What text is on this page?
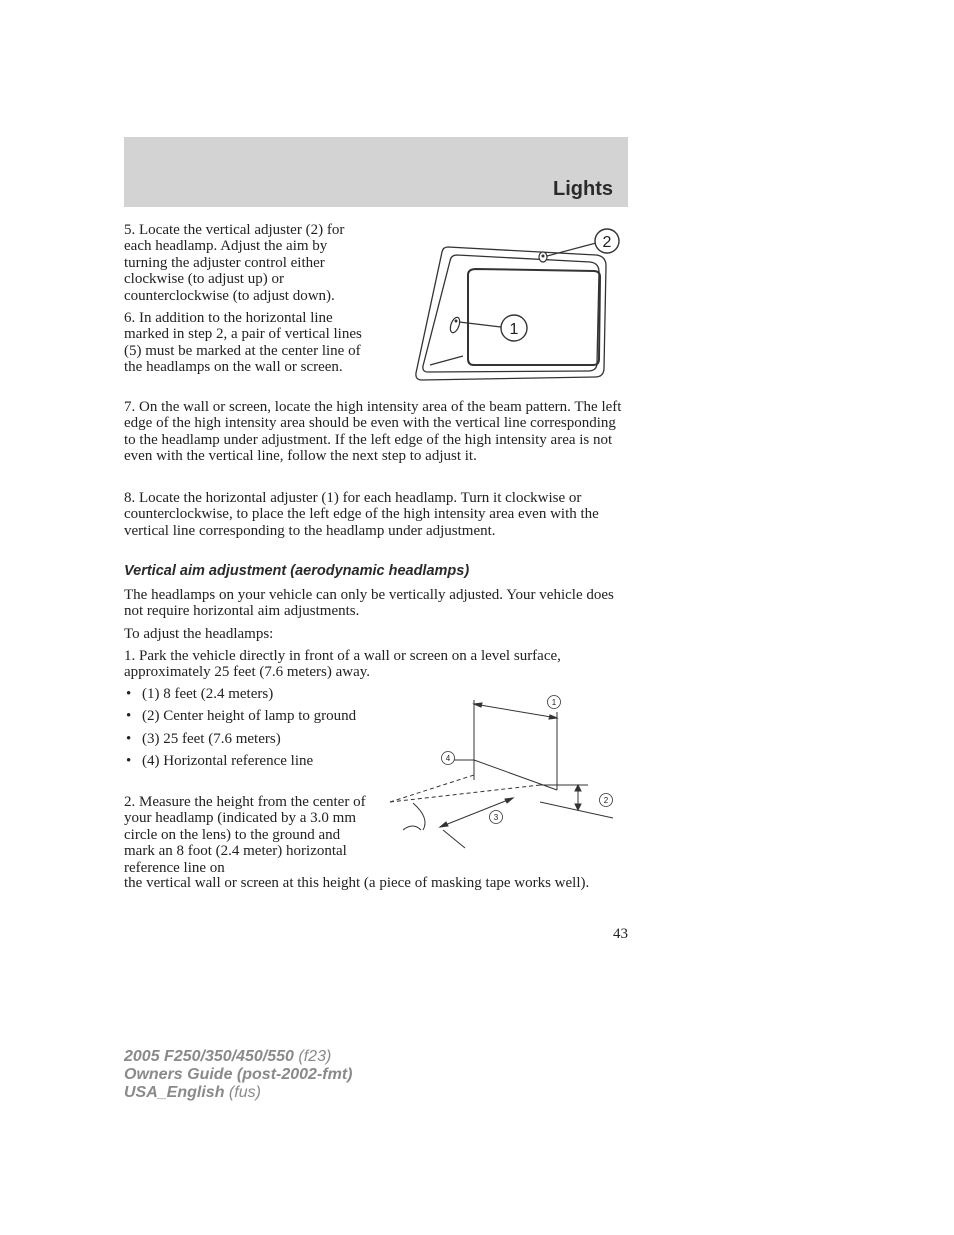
Lights

5. Locate the vertical adjuster (2) for each headlamp. Adjust the aim by turning the adjuster control either clockwise (to adjust up) or counterclockwise (to adjust down).

6. In addition to the horizontal line marked in step 2, a pair of vertical lines (5) must be marked at the center line of the headlamps on the wall or screen.

2
1

7. On the wall or screen, locate the high intensity area of the beam pattern. The left edge of the high intensity area should be even with the vertical line corresponding to the headlamp under adjustment. If the left edge of the high intensity area is not even with the vertical line, follow the next step to adjust it.

8. Locate the horizontal adjuster (1) for each headlamp. Turn it clockwise or counterclockwise, to place the left edge of the high intensity area even with the vertical line corresponding to the headlamp under adjustment.

Vertical aim adjustment (aerodynamic headlamps)

The headlamps on your vehicle can only be vertically adjusted. Your vehicle does not require horizontal aim adjustments.

To adjust the headlamps:

1. Park the vehicle directly in front of a wall or screen on a level surface, approximately 25 feet (7.6 meters) away.

• (1) 8 feet (2.4 meters)
• (2) Center height of lamp to ground
• (3) 25 feet (7.6 meters)
• (4) Horizontal reference line
1
4
2
3

2. Measure the height from the center of your headlamp (indicated by a 3.0 mm circle on the lens) to the ground and mark an 8 foot (2.4 meter) horizontal reference line on

the vertical wall or screen at this height (a piece of masking tape works well).

43
2005 F250/350/450/550 (f23)
Owners Guide (post-2002-fmt)
USA_English (fus)
